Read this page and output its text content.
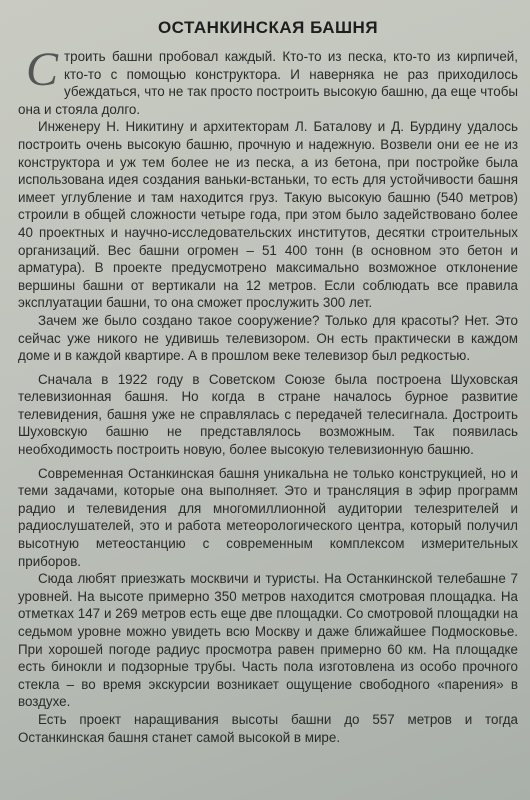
ОСТАНКИНСКАЯ БАШНЯ

Строить башни пробовал каждый. Кто-то из песка, кто-то из кирпичей, кто-то с помощью конструктора. И наверняка не раз приходилось убеждаться, что не так просто построить высокую башню, да еще чтобы она и стояла долго.

Инженеру Н. Никитину и архитекторам Л. Баталову и Д. Бурдину удалось построить очень высокую башню, прочную и надежную. Возвели они ее не из конструктора и уж тем более не из песка, а из бетона, при постройке была использована идея создания ваньки-встаньки, то есть для устойчивости башня имеет углубление и там находится груз. Такую высокую башню (540 метров) строили в общей сложности четыре года, при этом было задействовано более 40 проектных и научно-исследовательских институтов, десятки строительных организаций. Вес башни огромен – 51 400 тонн (в основном это бетон и арматура). В проекте предусмотрено максимально возможное отклонение вершины башни от вертикали на 12 метров. Если соблюдать все правила эксплуатации башни, то она сможет прослужить 300 лет.

Зачем же было создано такое сооружение? Только для красоты? Нет. Это сейчас уже никого не удивишь телевизором. Он есть практически в каждом доме и в каждой квартире. А в прошлом веке телевизор был редкостью.

Сначала в 1922 году в Советском Союзе была построена Шуховская телевизионная башня. Но когда в стране началось бурное развитие телевидения, башня уже не справлялась с передачей телесигнала. Достроить Шуховскую башню не представлялось возможным. Так появилась необходимость построить новую, более высокую телевизионную башню.

Современная Останкинская башня уникальна не только конструкцией, но и теми задачами, которые она выполняет. Это и трансляция в эфир программ радио и телевидения для многомиллионной аудитории телезрителей и радиослушателей, это и работа метеорологического центра, который получил высотную метеостанцию с современным комплексом измерительных приборов.

Сюда любят приезжать москвичи и туристы. На Останкинской телебашне 7 уровней. На высоте примерно 350 метров находится смотровая площадка. На отметках 147 и 269 метров есть еще две площадки. Со смотровой площадки на седьмом уровне можно увидеть всю Москву и даже ближайшее Подмосковье. При хорошей погоде радиус просмотра равен примерно 60 км. На площадке есть бинокли и подзорные трубы. Часть пола изготовлена из особо прочного стекла – во время экскурсии возникает ощущение свободного «парения» в воздухе.

Есть проект наращивания высоты башни до 557 метров и тогда Останкинская башня станет самой высокой в мире.
